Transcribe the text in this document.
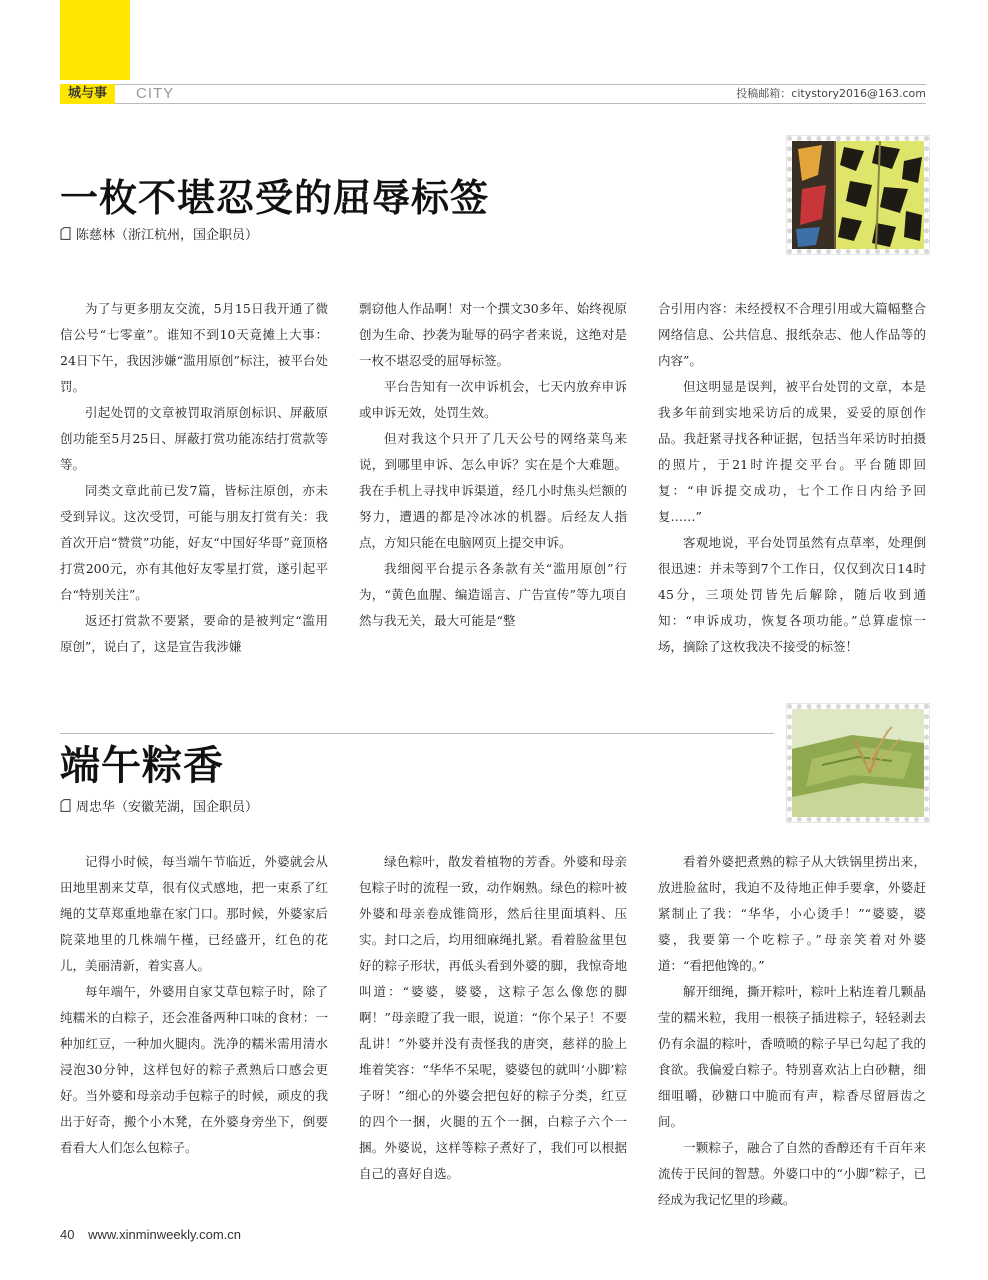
城与事	CITY	投稿邮箱：citystory2016@163.com
一枚不堪忍受的屈辱标签
陈慈林（浙江杭州，国企职员）

为了与更多朋友交流，5月15日我开通了微信公号“七零童”。谁知不到10天竟摊上大事：24日下午，我因涉嫌“滥用原创”标注，被平台处罚。

引起处罚的文章被罚取消原创标识、屏蔽原创功能至5月25日、屏蔽打赏功能冻结打赏款等等。

同类文章此前已发7篇，皆标注原创，亦未受到异议。这次受罚，可能与朋友打赏有关：我首次开启“赞赏”功能，好友“中国好华哥”竟顶格打赏200元，亦有其他好友零星打赏，遂引起平台“特别关注”。

返还打赏款不要紧，要命的是被判定“滥用原创”，说白了，这是宣告我涉嫌

剽窃他人作品啊！对一个撰文30多年、始终视原创为生命、抄袭为耻辱的码字者来说，这绝对是一枚不堪忍受的屈辱标签。

平台告知有一次申诉机会，七天内放弃申诉或申诉无效，处罚生效。

但对我这个只开了几天公号的网络菜鸟来说，到哪里申诉、怎么申诉？实在是个大难题。我在手机上寻找申诉渠道，经几小时焦头烂额的努力，遭遇的都是冷冰冰的机器。后经友人指点，方知只能在电脑网页上提交申诉。

我细阅平台提示各条款有关“滥用原创”行为，“黄色血腥、编造谣言、广告宣传”等九项自然与我无关，最大可能是“整

合引用内容：未经授权不合理引用或大篇幅整合网络信息、公共信息、报纸杂志、他人作品等的内容”。

但这明显是误判，被平台处罚的文章，本是我多年前到实地采访后的成果，妥妥的原创作品。我赶紧寻找各种证据，包括当年采访时拍摄的照片，于21时许提交平台。平台随即回复：“申诉提交成功，七个工作日内给予回复……”

客观地说，平台处罚虽然有点草率，处理倒很迅速：并未等到7个工作日，仅仅到次日14时45分，三项处罚皆先后解除，随后收到通知：“申诉成功，恢复各项功能。”总算虚惊一场，摘除了这枚我决不接受的标签！

端午粽香
周忠华（安徽芜湖，国企职员）

记得小时候，每当端午节临近，外婆就会从田地里割来艾草，很有仪式感地，把一束系了红绳的艾草郑重地靠在家门口。那时候，外婆家后院菜地里的几株端午槿，已经盛开，红色的花儿，美丽清新，着实喜人。

每年端午，外婆用自家艾草包粽子时，除了纯糯米的白粽子，还会准备两种口味的食材：一种加红豆，一种加火腿肉。洗净的糯米需用清水浸泡30分钟，这样包好的粽子煮熟后口感会更好。当外婆和母亲动手包粽子的时候，顽皮的我出于好奇，搬个小木凳，在外婆身旁坐下，倒要看看大人们怎么包粽子。

绿色粽叶，散发着植物的芳香。外婆和母亲包粽子时的流程一致，动作娴熟。绿色的粽叶被外婆和母亲卷成锥筒形，然后往里面填料、压实。封口之后，均用细麻绳扎紧。看着脸盆里包好的粽子形状，再低头看到外婆的脚，我惊奇地叫道：“婆婆，婆婆，这粽子怎么像您的脚啊！”母亲瞪了我一眼，说道：“你个呆子！不要乱讲！”外婆并没有责怪我的唐突，慈祥的脸上堆着笑容：“华华不呆呢，婆婆包的就叫‘小脚’粽子呀！”细心的外婆会把包好的粽子分类，红豆的四个一捆，火腿的五个一捆，白粽子六个一捆。外婆说，这样等粽子煮好了，我们可以根据自己的喜好自选。

看着外婆把煮熟的粽子从大铁锅里捞出来，放进脸盆时，我迫不及待地正伸手要拿，外婆赶紧制止了我：“华华，小心烫手！”“婆婆，婆婆，我要第一个吃粽子。”母亲笑着对外婆道：“看把他馋的。”

解开细绳，撕开粽叶，粽叶上粘连着几颗晶莹的糯米粒，我用一根筷子插进粽子，轻轻剥去仍有余温的粽叶，香喷喷的粽子早已勾起了我的食欲。我偏爱白粽子。特别喜欢沾上白砂糖，细细咀嚼，砂糖口中脆而有声，粽香尽留唇齿之间。

一颗粽子，融合了自然的香醇还有千百年来流传于民间的智慧。外婆口中的“小脚”粽子，已经成为我记忆里的珍藏。

40 www.xinminweekly.com.cn
